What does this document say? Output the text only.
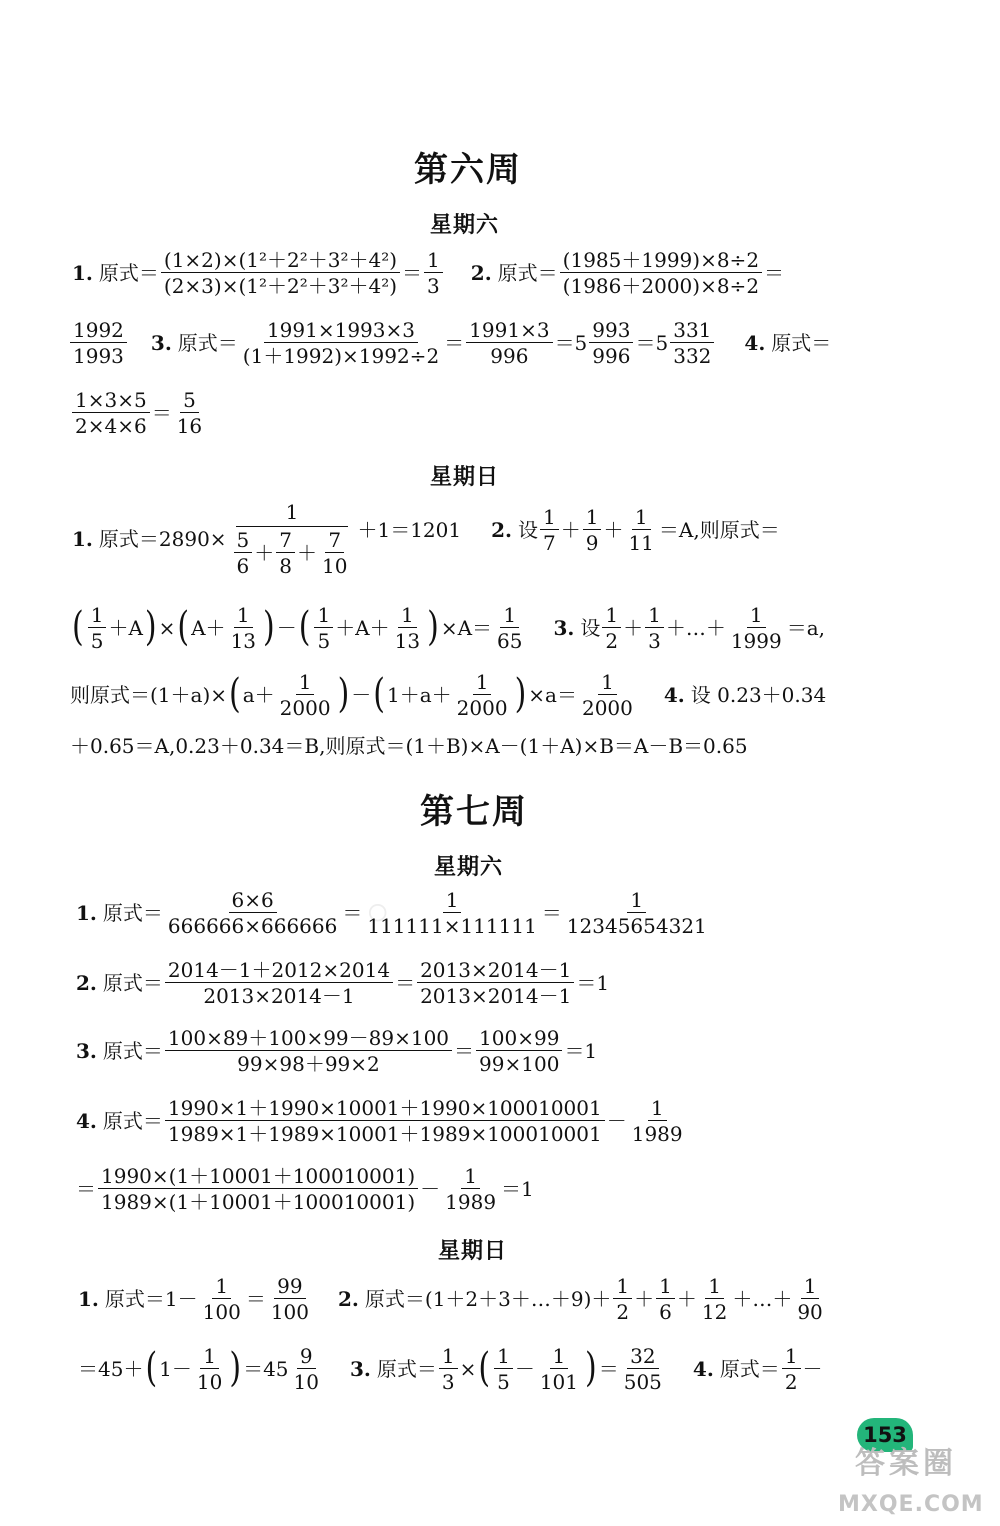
◦
第六周
星期六
1. 原式＝ $\frac{\text{(1×2)×(1²＋2²＋3²＋4²)}}{\text{(2×3)×(1²＋2²＋3²＋4²)}} = \frac{1}{3} 2$. 原式＝ $\frac{(1985+1999)\times 8\div 2}{(1986+2000)\times 8\div 2}$ ＝
$\frac{1992}{1993} 3$. 原式＝ $\frac{1991\times 1993\times 3}{(1+1992)\times 1992\div 2} = \frac{1991\times 3}{996} =5 \frac{993}{996} =5 \frac{331}{332} 4$. 原式＝
$\frac{1\times 3\times 5}{2\times 4\times 6} = \frac{5}{16}$
星期日
1. 原式$=2890\times \frac{1}{\frac{5}{6} + \frac{7}{8} + \frac{7}{10}} +1=1201$ 2. 设 $\frac{1}{7} + \frac{1}{9} + \frac{1}{11} =A$,则原式＝
( $\frac{1}{5} +A$ ) × ( $A+ \frac{1}{13}$ ) － ( $\frac{1}{5} +A+ \frac{1}{13}$ ) $\times A= \frac{1}{65} 3$. 设 $\frac{1}{2} + \frac{1}{3}$ ＋…＋ $\frac{1}{1999} =a$,
则原式＝(1＋a)× ( $a+ \frac{1}{2000}$ ) － ( $1+a+ \frac{1}{2000}$ ) $\times a= \frac{1}{2000} 4$. 设 0.23＋0.34
＋0.65＝A,0.23＋0.34＝B,则原式＝(1＋B)×A－(1＋A)×B＝A－B＝0.65
第七周
星期六
1. 原式＝ $\frac{6\times 6}{666666\times 666666} = \frac{1}{111111\times 111111} = \frac{1}{12345654321}$
2. 原式＝ $\frac{2014-1+2012\times 2014}{2013\times 2014-1} = \frac{2013\times 2014-1}{2013\times 2014-1} =1$
3. 原式＝ $\frac{100\times 89+100\times 99-89\times 100}{99\times 98+99\times 2} = \frac{100\times 99}{99\times 100} =1$
4. 原式＝ $\frac{1990\times 1+1990\times 10001+1990\times 100010001}{1989\times 1+1989\times 10001+1989\times 100010001} - \frac{1}{1989}$
＝ $\frac{1990\times(1+10001+100010001)}{1989\times(1+10001+100010001)} - \frac{1}{1989} =1$
星期日
1. 原式$=1- \frac{1}{100} = \frac{99}{100} 2$. 原式＝(1＋2＋3＋…＋9)＋ $\frac{1}{2} + \frac{1}{6} + \frac{1}{12}$ ＋…＋ $\frac{1}{90}$
＝45＋ ( $1- \frac{1}{10}$ ) $=45 \frac{9}{10} 3$. 原式＝ $\frac{1}{3}$ × ( $\frac{1}{5} - \frac{1}{101}$ ) ＝ $\frac{32}{505} 4$. 原式＝ $\frac{1}{2}$ －
153
答案圈
MXQE.COM
